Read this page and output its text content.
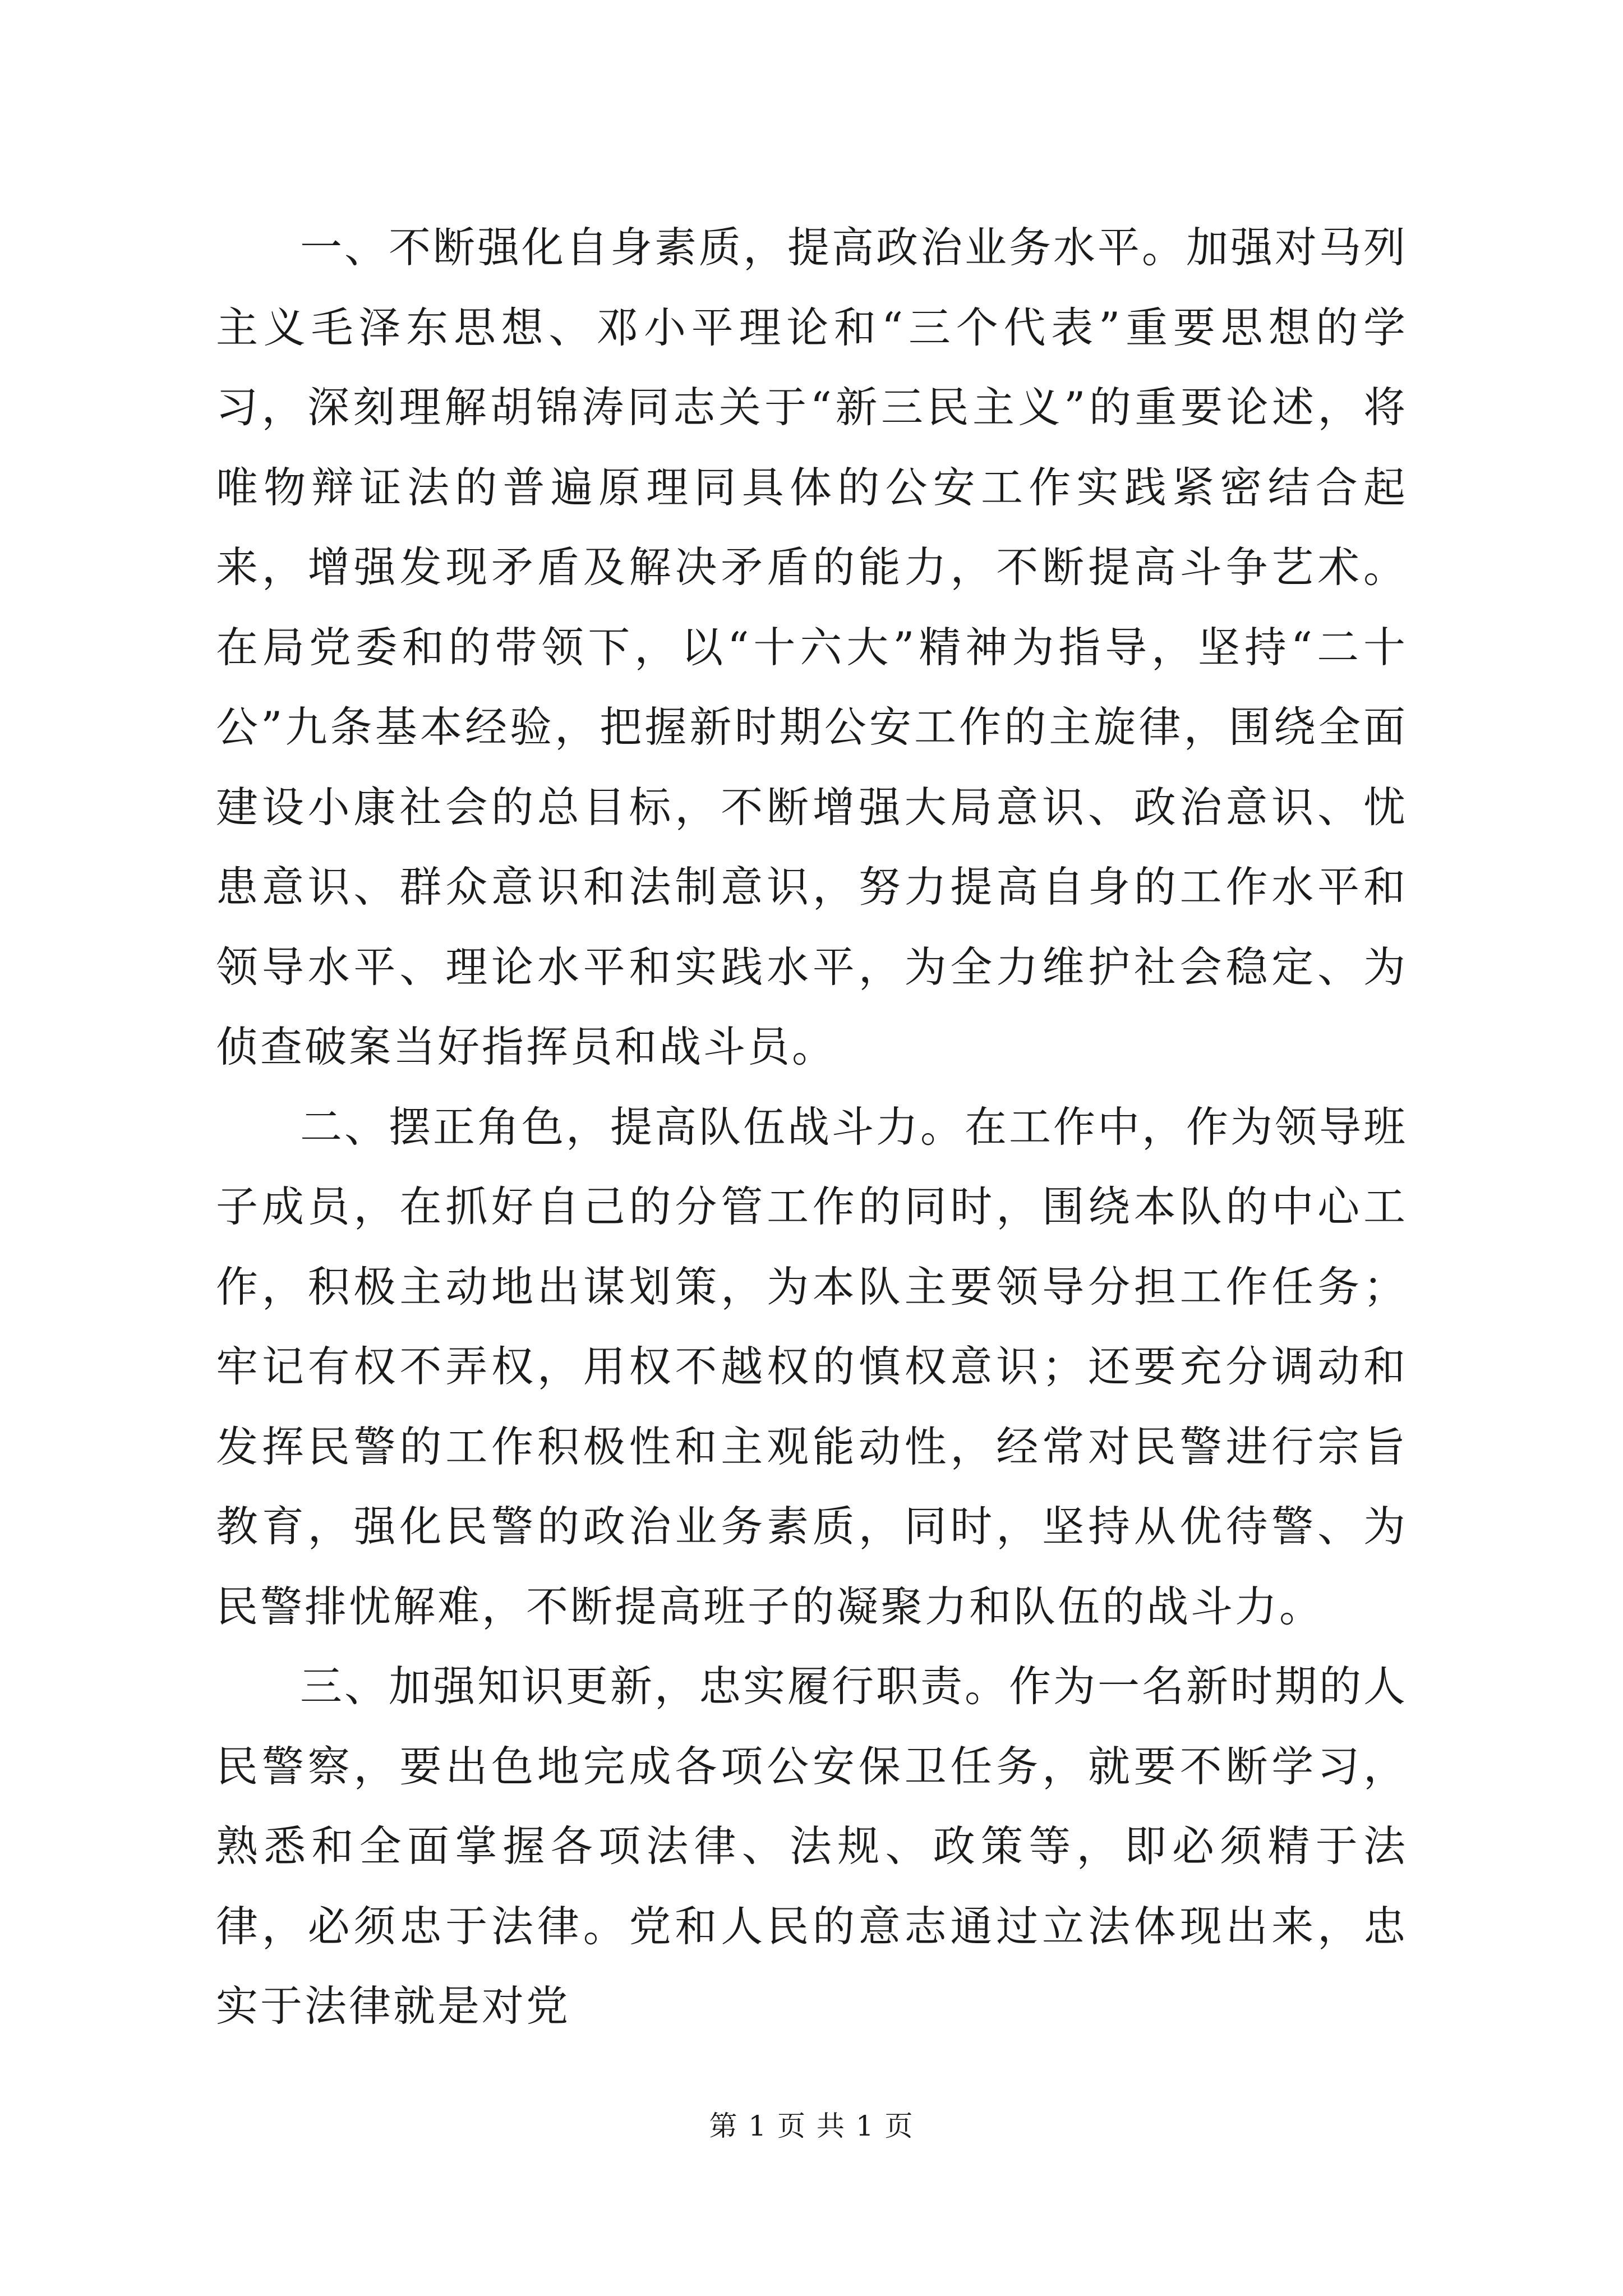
一、不断强化自身素质，提高政治业务水平。加强对马列主义毛泽东思想、邓小平理论和“三个代表”重要思想的学习，深刻理解胡锦涛同志关于“新三民主义”的重要论述，将唯物辩证法的普遍原理同具体的公安工作实践紧密结合起来，增强发现矛盾及解决矛盾的能力，不断提高斗争艺术。在局党委和的带领下，以“十六大”精神为指导，坚持“二十公”九条基本经验，把握新时期公安工作的主旋律，围绕全面建设小康社会的总目标，不断增强大局意识、政治意识、忧患意识、群众意识和法制意识，努力提高自身的工作水平和领导水平、理论水平和实践水平，为全力维护社会稳定、为侦查破案当好指挥员和战斗员。

二、摆正角色，提高队伍战斗力。在工作中，作为领导班子成员，在抓好自己的分管工作的同时，围绕本队的中心工作，积极主动地出谋划策，为本队主要领导分担工作任务；牢记有权不弄权，用权不越权的慎权意识；还要充分调动和发挥民警的工作积极性和主观能动性，经常对民警进行宗旨教育，强化民警的政治业务素质，同时，坚持从优待警、为民警排忧解难，不断提高班子的凝聚力和队伍的战斗力。

三、加强知识更新，忠实履行职责。作为一名新时期的人民警察，要出色地完成各项公安保卫任务，就要不断学习，熟悉和全面掌握各项法律、法规、政策等，即必须精于法律，必须忠于法律。党和人民的意志通过立法体现出来，忠实于法律就是对党

第 1 页 共 1 页
